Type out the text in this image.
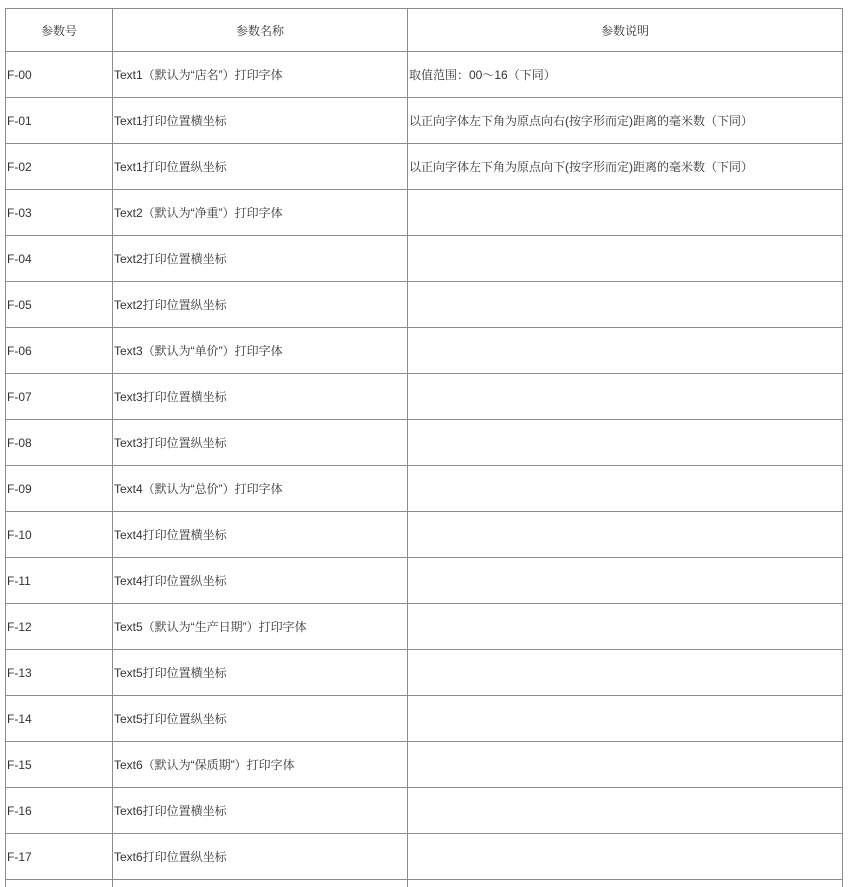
参数号	参数名称	参数说明
F-00	Text1（默认为“店名”）打印字体	取值范围：00～16（下同）
F-01	Text1打印位置横坐标	以正向字体左下角为原点向右(按字形而定)距离的毫米数（下同）
F-02	Text1打印位置纵坐标	以正向字体左下角为原点向下(按字形而定)距离的毫米数（下同）
F-03	Text2（默认为“净重”）打印字体	
F-04	Text2打印位置横坐标	
F-05	Text2打印位置纵坐标	
F-06	Text3（默认为“单价”）打印字体	
F-07	Text3打印位置横坐标	
F-08	Text3打印位置纵坐标	
F-09	Text4（默认为“总价”）打印字体	
F-10	Text4打印位置横坐标	
F-11	Text4打印位置纵坐标	
F-12	Text5（默认为“生产日期”）打印字体	
F-13	Text5打印位置横坐标	
F-14	Text5打印位置纵坐标	
F-15	Text6（默认为“保质期”）打印字体	
F-16	Text6打印位置横坐标	
F-17	Text6打印位置纵坐标	
